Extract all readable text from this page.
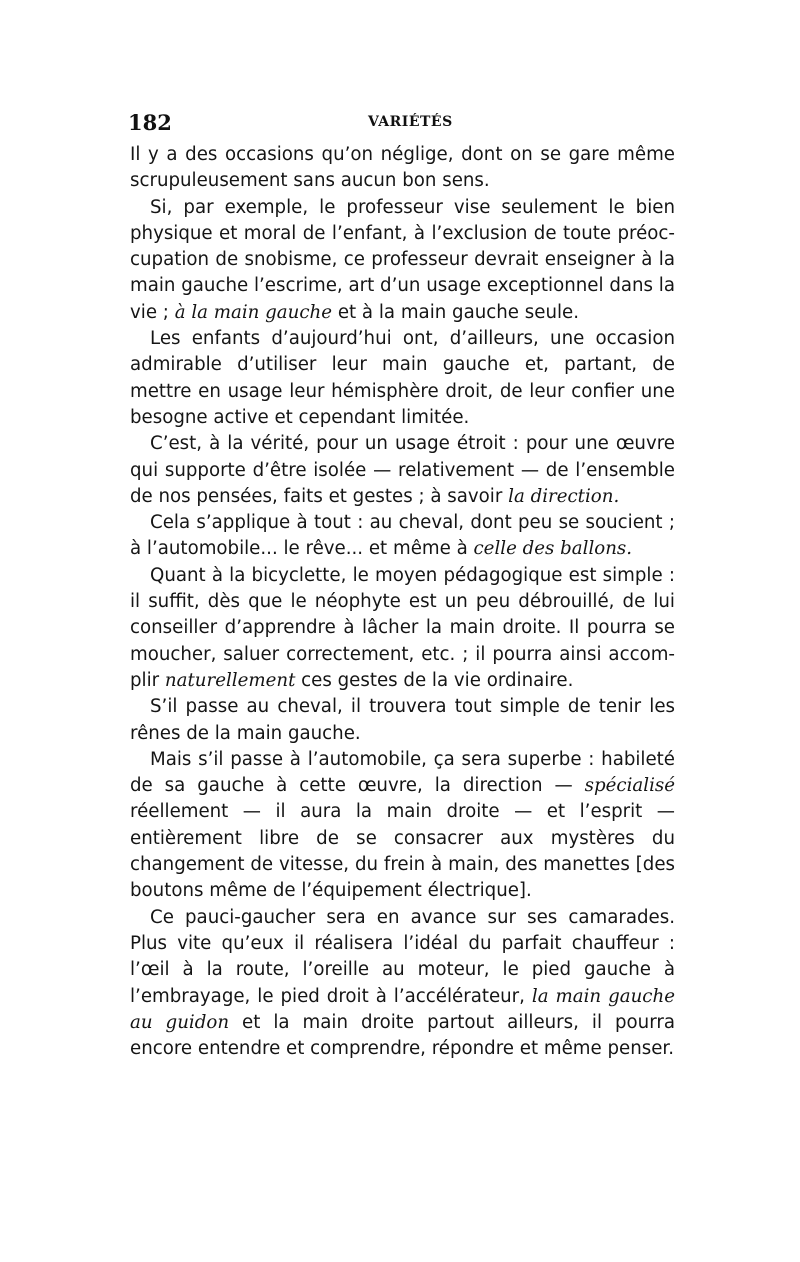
182	VARIÉTÉS

Il y a des occasions qu’on néglige, dont on se gare même scrupuleusement sans aucun bon sens.

Si, par exemple, le professeur vise seulement le bien physique et moral de l’enfant, à l’exclusion de toute préoccupation de snobisme, ce professeur devrait enseigner à la main gauche l’escrime, art d’un usage exceptionnel dans la vie ; à la main gauche et à la main gauche seule.

Les enfants d’aujourd’hui ont, d’ailleurs, une occasion admirable d’utiliser leur main gauche et, partant, de mettre en usage leur hémisphère droit, de leur confier une besogne active et cependant limitée.

C’est, à la vérité, pour un usage étroit : pour une œuvre qui supporte d’être isolée — relativement — de l’ensemble de nos pensées, faits et gestes ; à savoir la direction.

Cela s’applique à tout : au cheval, dont peu se soucient ; à l’automobile... le rêve... et même à celle des ballons.

Quant à la bicyclette, le moyen pédagogique est simple : il suffit, dès que le néophyte est un peu débrouillé, de lui conseiller d’apprendre à lâcher la main droite. Il pourra se moucher, saluer correctement, etc. ; il pourra ainsi accomplir naturellement ces gestes de la vie ordinaire.

S’il passe au cheval, il trouvera tout simple de tenir les rênes de la main gauche.

Mais s’il passe à l’automobile, ça sera superbe : habileté de sa gauche à cette œuvre, la direction — spécialisé réellement — il aura la main droite — et l’esprit — entièrement libre de se consacrer aux mystères du changement de vitesse, du frein à main, des manettes [des boutons même de l’équipement électrique].

Ce pauci-gaucher sera en avance sur ses camarades. Plus vite qu’eux il réalisera l’idéal du parfait chauffeur : l’œil à la route, l’oreille au moteur, le pied gauche à l’embrayage, le pied droit à l’accélérateur, la main gauche au guidon et la main droite partout ailleurs, il pourra encore entendre et comprendre, répondre et même penser.
